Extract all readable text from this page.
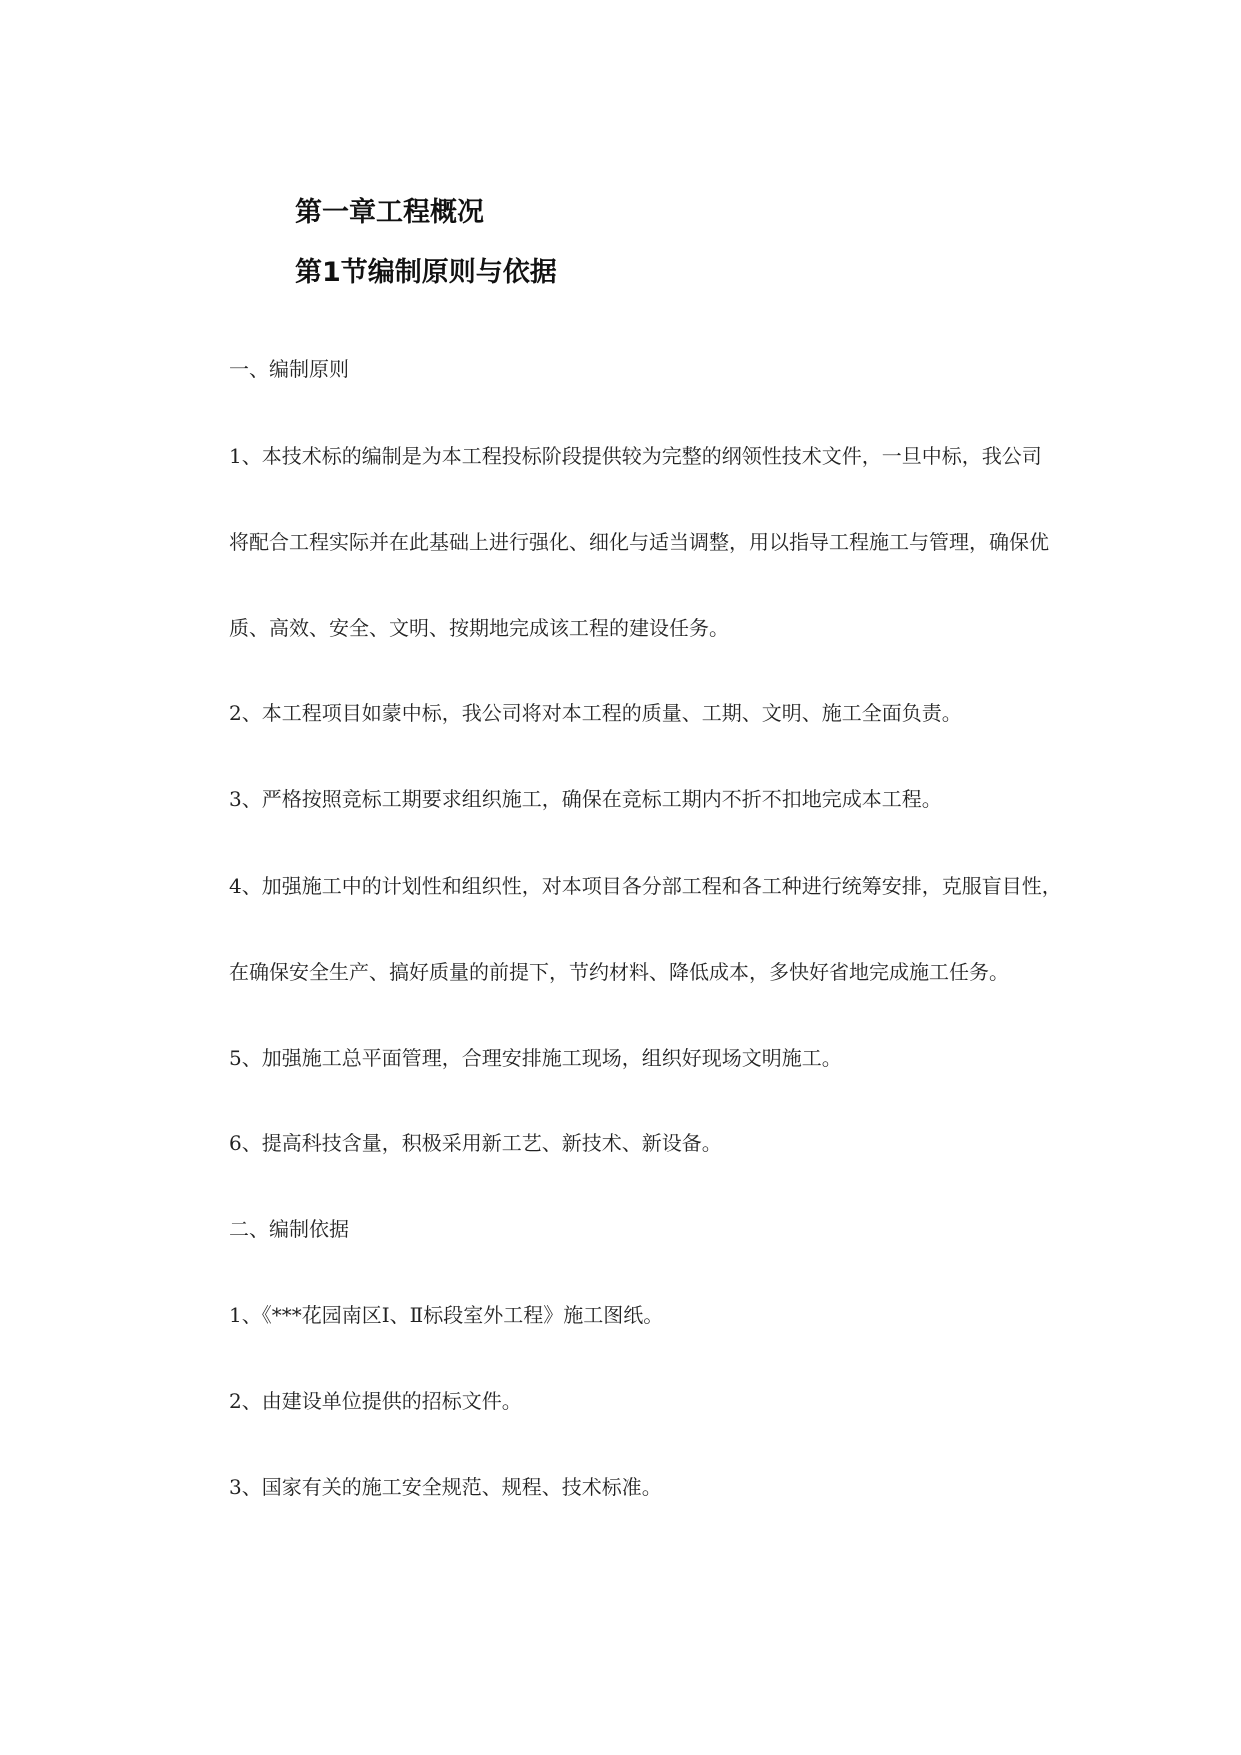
第一章工程概况
第1节编制原则与依据
一、编制原则
1、本技术标的编制是为本工程投标阶段提供较为完整的纲领性技术文件，一旦中标，我公司
将配合工程实际并在此基础上进行强化、细化与适当调整，用以指导工程施工与管理，确保优
质、高效、安全、文明、按期地完成该工程的建设任务。
2、本工程项目如蒙中标，我公司将对本工程的质量、工期、文明、施工全面负责。
3、严格按照竞标工期要求组织施工，确保在竞标工期内不折不扣地完成本工程。
4、加强施工中的计划性和组织性，对本项目各分部工程和各工种进行统筹安排，克服盲目性，
在确保安全生产、搞好质量的前提下，节约材料、降低成本，多快好省地完成施工任务。
5、加强施工总平面管理，合理安排施工现场，组织好现场文明施工。
6、提高科技含量，积极采用新工艺、新技术、新设备。
二、编制依据
1、《***花园南区Ⅰ、Ⅱ标段室外工程》施工图纸。
2、由建设单位提供的招标文件。
3、国家有关的施工安全规范、规程、技术标准。
